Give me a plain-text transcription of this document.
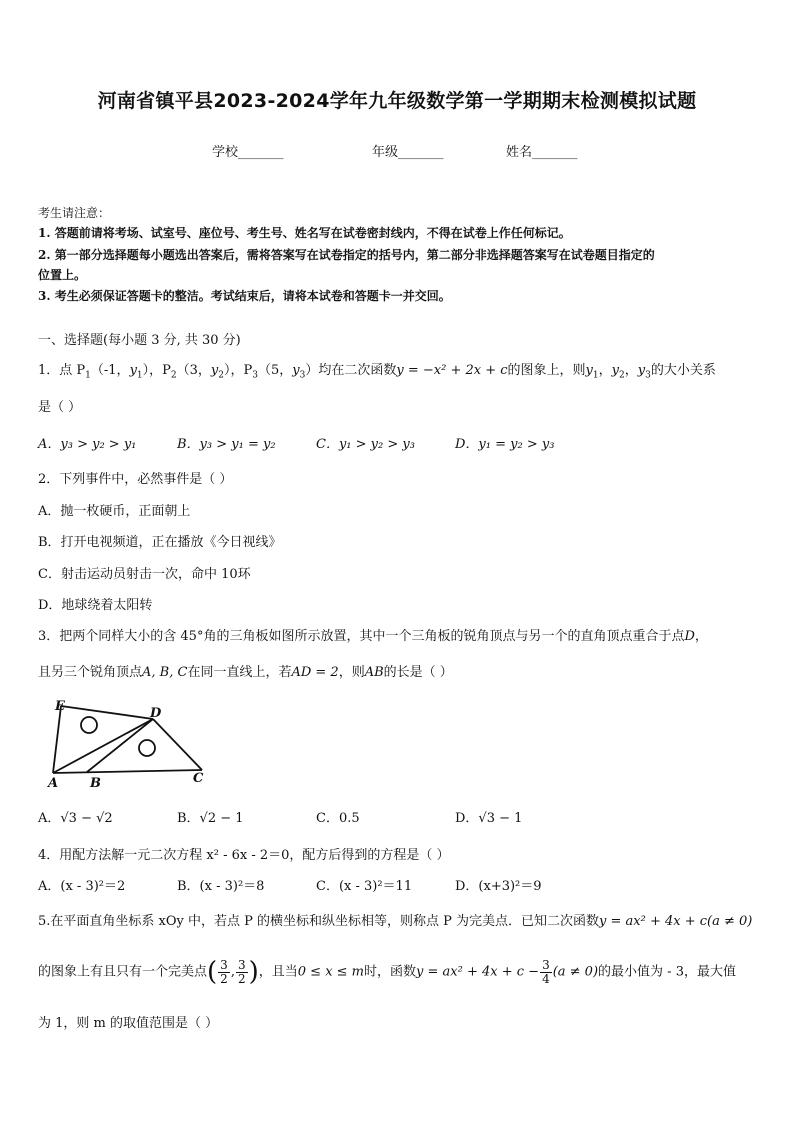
河南省镇平县2023-2024学年九年级数学第一学期期末检测模拟试题
学校_______	年级_______	姓名_______
考生请注意：
1. 答题前请将考场、试室号、座位号、考生号、姓名写在试卷密封线内，不得在试卷上作任何标记。
2. 第一部分选择题每小题选出答案后，需将答案写在试卷指定的括号内，第二部分非选择题答案写在试卷题目指定的
位置上。
3. 考生必须保证答题卡的整洁。考试结束后，请将本试卷和答题卡一并交回。
一、选择题(每小题 3 分, 共 30 分)
1．点 $P_1(-1$，$y_1$），$P_2(3$，$y_2$），$P_3(5$，$y_3$）均在二次函数y = −x² + 2x + c的图象上，则$y_1$，$y_2$，$y_3$的大小关系
是（ ）
A．y₃ > y₂ > y₁	B．y₃ > y₁ = y₂	C．y₁ > y₂ > y₃	D．y₁ = y₂ > y₃
2．下列事件中，必然事件是（ ）
A．抛一枚硬币，正面朝上
B．打开电视频道，正在播放《今日视线》
C．射击运动员射击一次，命中 10环
D．地球绕着太阳转
3．把两个同样大小的含 45°角的三角板如图所示放置，其中一个三角板的锐角顶点与另一个的直角顶点重合于点D，
且另三个锐角顶点A, B, C在同一直线上，若AD = 2，则AB的长是（ ）
E	D
A B	C
A．√3 − √2	B．√2 − 1	C．0.5	D．√3 − 1
4．用配方法解一元二次方程 x² - 6x - 2＝0，配方后得到的方程是（ ）
A．(x - 3)²＝2	B．(x - 3)²＝8	C．(x - 3)²＝11	D．(x+3)²＝9
5.在平面直角坐标系 xOy 中，若点 P 的横坐标和纵坐标相等，则称点 P 为完美点．已知二次函数y = ax² + 4x + c(a ≠ 0)
的图象上有且只有一个完美点( $\frac{3}{2}$ , $\frac{3}{2}$ )，且当0 ≤ x ≤ m时，函数$y = ax^2 + 4x + c - \frac{3}{4} (a \ne 0)$的最小值为 - 3，最大值
为 1，则 m 的取值范围是（ ）
